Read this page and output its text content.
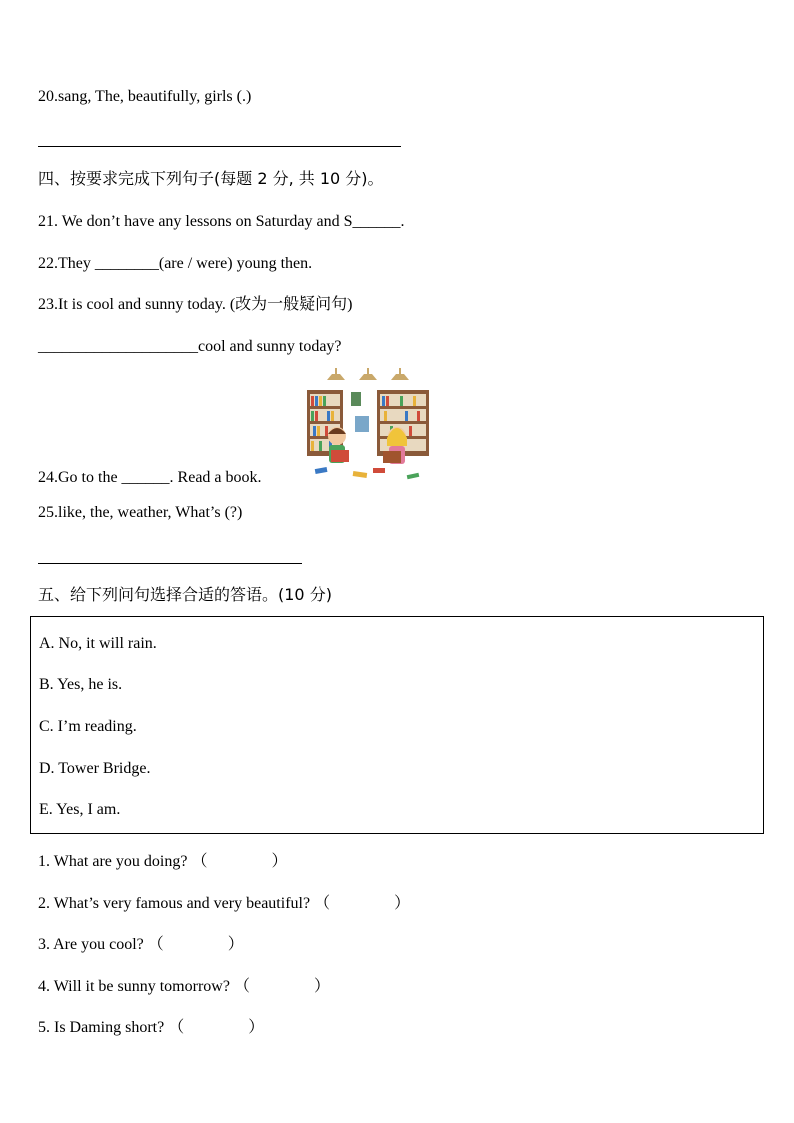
20.sang, The, beautifully, girls (.)
四、按要求完成下列句子(每题 2 分, 共 10 分)。
21. We don’t have any lessons on Saturday and S______.
22.They ________(are / were) young then.
23.It is cool and sunny today. (改为一般疑问句)
____________________cool and sunny today?
24.Go to the ______. Read a book.
25.like, the, weather, What’s (?)
五、给下列问句选择合适的答语。(10 分)
A. No, it will rain.
B. Yes, he is.
C. I’m reading.
D. Tower Bridge.
E. Yes, I am.
1. What are you doing? （　　　　）
2. What’s very famous and very beautiful? （　　　　）
3. Are you cool? （　　　　）
4. Will it be sunny tomorrow? （　　　　）
5. Is Daming short? （　　　　）
